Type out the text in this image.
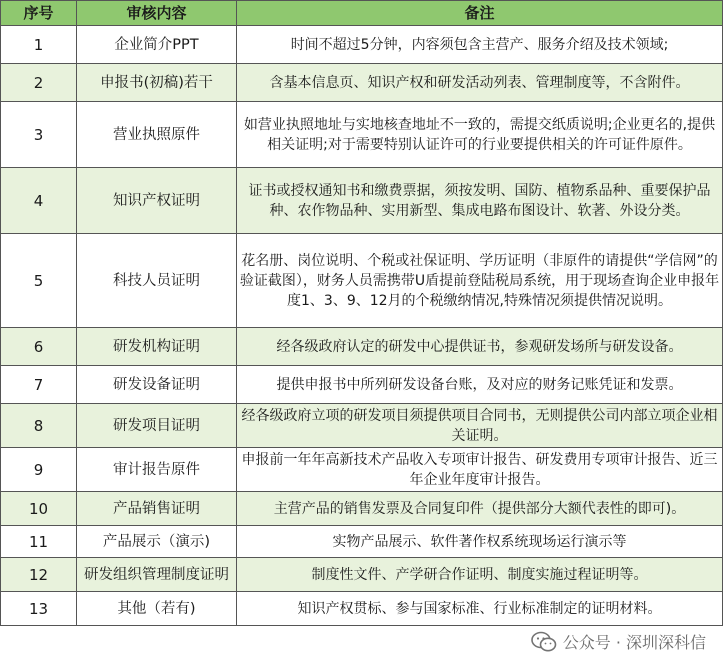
序号	审核内容	备注
1	企业简介PPT	时间不超过5分钟，内容须包含主营产、服务介绍及技术领域;
2	申报书(初稿)若干	含基本信息页、知识产权和研发活动列表、管理制度等，不含附件。
3	营业执照原件	如营业执照地址与实地核查地址不一致的，需提交纸质说明;企业更名的,提供相关证明;对于需要特别认证许可的行业要提供相关的许可证件原件。
4	知识产权证明	证书或授权通知书和缴费票据，须按发明、国防、植物系品种、重要保护品种、农作物品种、实用新型、集成电路布图设计、软著、外设分类。
5	科技人员证明	花名册、岗位说明、个税或社保证明、学历证明（非原件的请提供“学信网”的验证截图），财务人员需携带U盾提前登陆税局系统，用于现场查询企业申报年度1、3、9、12月的个税缴纳情况,特殊情况须提供情况说明。
6	研发机构证明	经各级政府认定的研发中心提供证书，参观研发场所与研发设备。
7	研发设备证明	提供申报书中所列研发设备台账，及对应的财务记账凭证和发票。
8	研发项目证明	经各级政府立项的研发项目须提供项目合同书，无则提供公司内部立项企业相关证明。
9	审计报告原件	申报前一年年高新技术产品收入专项审计报告、研发费用专项审计报告、近三年企业年度审计报告。
10	产品销售证明	主营产品的销售发票及合同复印件（提供部分大额代表性的即可)。
11	产品展示（演示)	实物产品展示、软件著作权系统现场运行演示等
12	研发组织管理制度证明	制度性文件、产学研合作证明、制度实施过程证明等。
13	其他（若有)	知识产权贯标、参与国家标准、行业标准制定的证明材料。
公众号 · 深圳深科信
